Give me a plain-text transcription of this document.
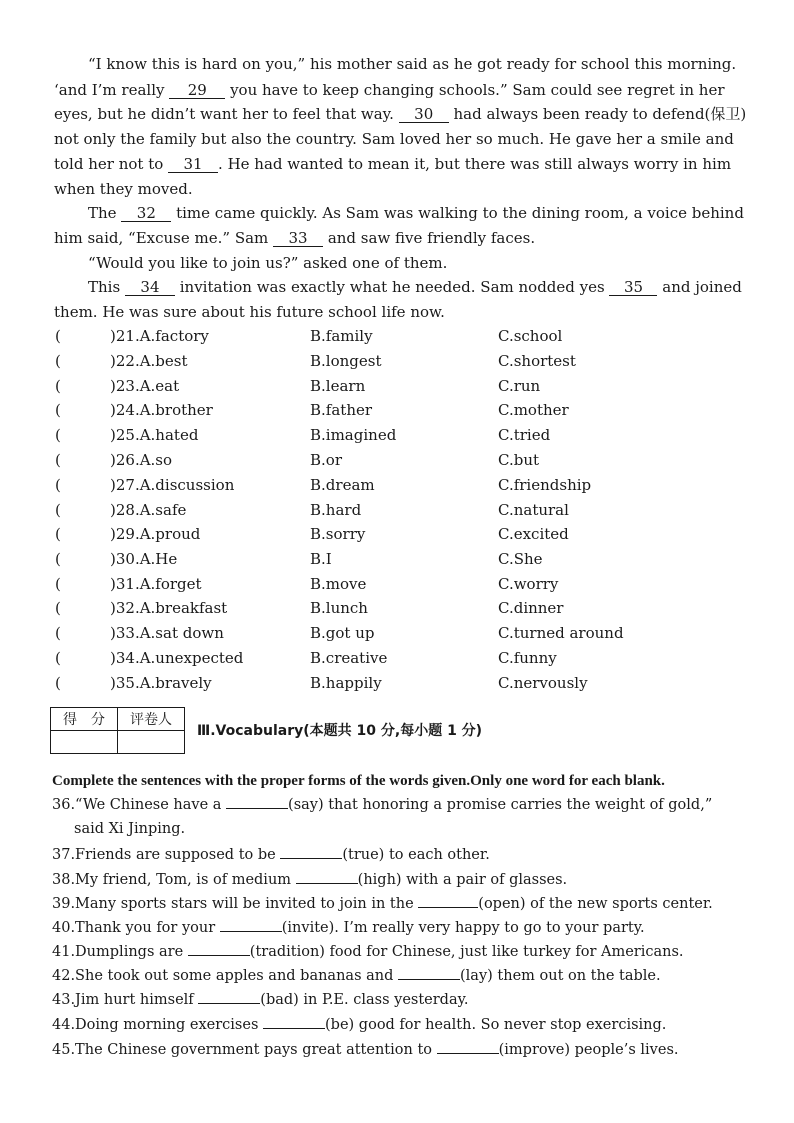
“I know this is hard on you,” his mother said as he got ready for school this morning.
‘and I’m really 29 you have to keep changing schools.” Sam could see regret in her
eyes, but he didn’t want her to feel that way. 30 had always been ready to defend(保卫)
not only the family but also the country. Sam loved her so much. He gave her a smile and
told her not to 31 . He had wanted to mean it, but there was still always worry in him
when they moved.
The 32 time came quickly. As Sam was walking to the dining room, a voice behind
him said, “Excuse me.” Sam 33 and saw five friendly faces.
“Would you like to join us?” asked one of them.
This 34 invitation was exactly what he needed. Sam nodded yes 35 and joined
them. He was sure about his future school life now.
(	)21.A.factory	B.family	C.school
(	)22.A.best	B.longest	C.shortest
(	)23.A.eat	B.learn	C.run
(	)24.A.brother	B.father	C.mother
(	)25.A.hated	B.imagined	C.tried
(	)26.A.so	B.or	C.but
(	)27.A.discussion	B.dream	C.friendship
(	)28.A.safe	B.hard	C.natural
(	)29.A.proud	B.sorry	C.excited
(	)30.A.He	B.I	C.She
(	)31.A.forget	B.move	C.worry
(	)32.A.breakfast	B.lunch	C.dinner
(	)33.A.sat down	B.got up	C.turned around
(	)34.A.unexpected	B.creative	C.funny
(	)35.A.bravely	B.happily	C.nervously
得　分	评卷人

Ⅲ.Vocabulary(本题共 10 分,每小题 1 分)
Complete the sentences with the proper forms of the words given.Only one word for each blank.
36.“We Chinese have a	(say) that honoring a promise carries the weight of gold,”
said Xi Jinping.
37.Friends are supposed to be	(true) to each other.
38.My friend, Tom, is of medium	(high) with a pair of glasses.
39.Many sports stars will be invited to join in the	(open) of the new sports center.
40.Thank you for your	(invite). I’m really very happy to go to your party.
41.Dumplings are	(tradition) food for Chinese, just like turkey for Americans.
42.She took out some apples and bananas and	(lay) them out on the table.
43.Jim hurt himself	(bad) in P.E. class yesterday.
44.Doing morning exercises	(be) good for health. So never stop exercising.
45.The Chinese government pays great attention to	(improve) people’s lives.
